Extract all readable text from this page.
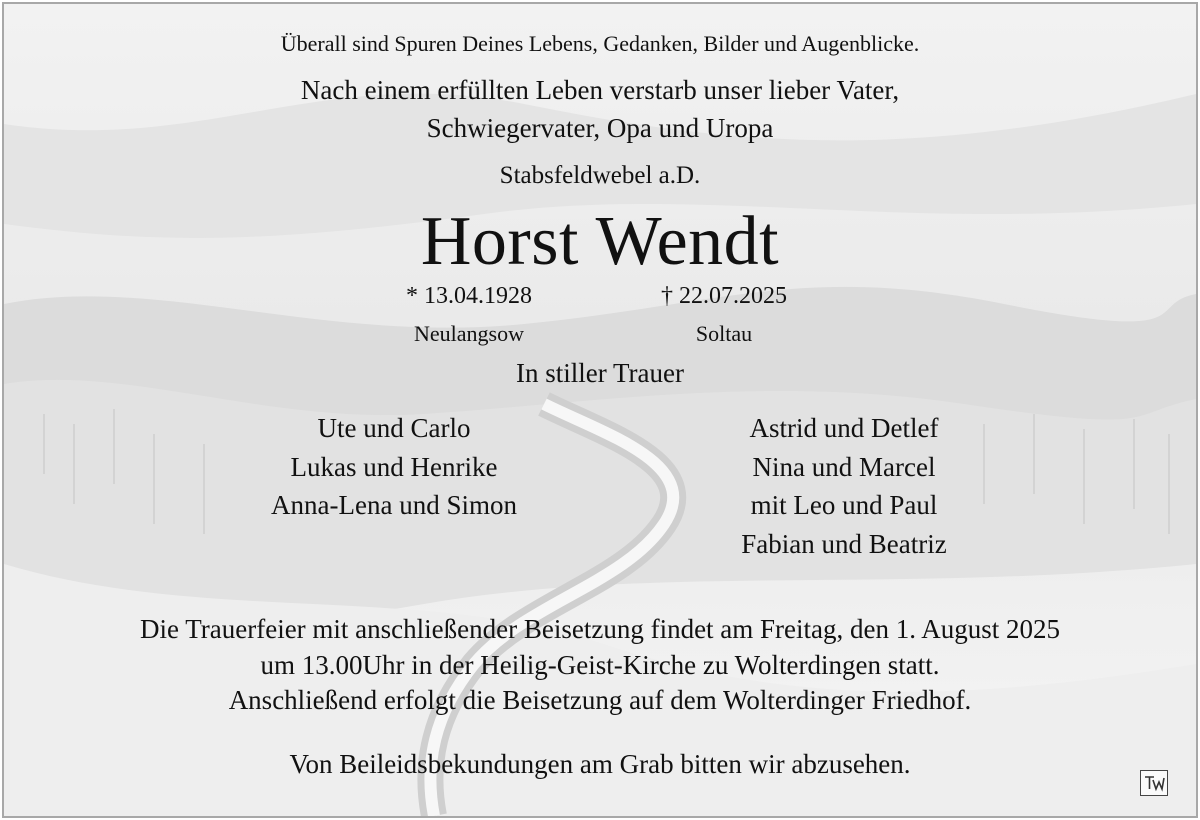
Überall sind Spuren Deines Lebens, Gedanken, Bilder und Augenblicke.
Nach einem erfüllten Leben verstarb unser lieber Vater,
Schwiegervater, Opa und Uropa
Stabsfeldwebel a.D.
Horst Wendt
* 13.04.1928	† 22.07.2025
Neulangsow	Soltau
In stiller Trauer
Ute und Carlo
Lukas und Henrike
Anna-Lena und Simon
Astrid und Detlef
Nina und Marcel
mit Leo und Paul
Fabian und Beatriz
Die Trauerfeier mit anschließender Beisetzung findet am Freitag, den 1. August 2025
um 13.00Uhr in der Heilig-Geist-Kirche zu Wolterdingen statt.
Anschließend erfolgt die Beisetzung auf dem Wolterdinger Friedhof.
Von Beileidsbekundungen am Grab bitten wir abzusehen.
